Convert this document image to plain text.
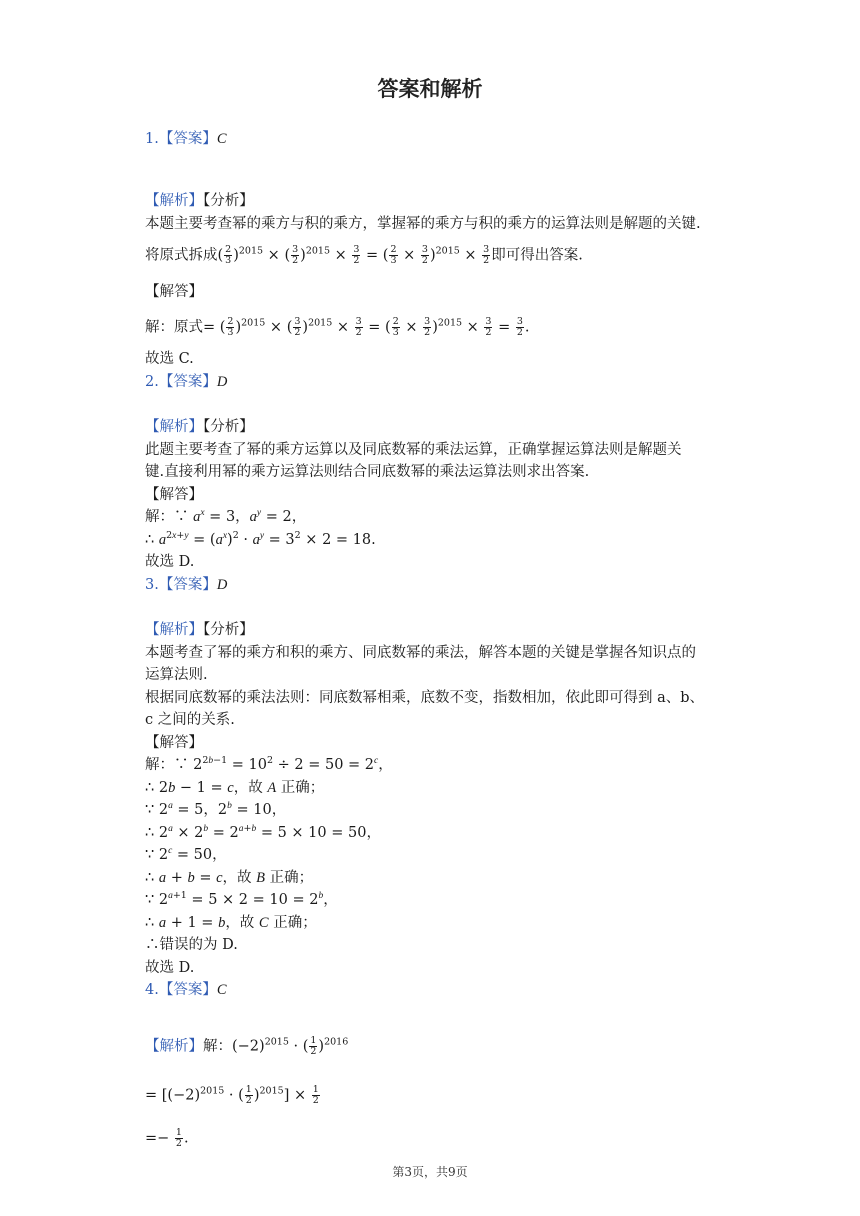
答案和解析
1.【答案】C
【解析】【分析】
本题主要考查幂的乘方与积的乘方，掌握幂的乘方与积的乘方的运算法则是解题的关键.
将原式拆成( $\frac{2}{3} )^{2015}$ × ( $\frac{3}{2} )^{2015} \times \frac{3}{2}$ = ( $\frac{2}{3} \times \frac{3}{2} )^{2015} \times \frac{3}{2}$ 即可得出答案.
【解答】
解：原式= ( $\frac{2}{3} )^{2015}$ × ( $\frac{3}{2} )^{2015} \times \frac{3}{2}$ = ( $\frac{2}{3} \times \frac{3}{2} )^{2015} \times \frac{3}{2} = \frac{3}{2}$ .
故选 C.
2.【答案】D
【解析】【分析】
此题主要考查了幂的乘方运算以及同底数幂的乘法运算，正确掌握运算法则是解题关
键.直接利用幂的乘方运算法则结合同底数幂的乘法运算法则求出答案.
【解答】
解：∵ $a^x = 3$，$a^y = 2$，
∴ $a^{2x+y} = (a^x)^2 \cdot a^y = 3^2 \times 2 = 18$.
故选 D.
3.【答案】D
【解析】【分析】
本题考查了幂的乘方和积的乘方、同底数幂的乘法，解答本题的关键是掌握各知识点的
运算法则.
根据同底数幂的乘法法则：同底数幂相乘，底数不变，指数相加，依此即可得到 a、b、
c 之间的关系.
【解答】
解：∵ $2^{2b-1} = 10^2 \div 2 = 50 = 2^c$，
∴ 2b − 1 = c，故 A 正确；
∵ $2^a = 5$，$2^b = 10$，
∴ $2^a \times 2^b = 2^{a+b} = 5 \times 10 = 50$，
∵ $2^c = 50$，
∴ a + b = c，故 B 正确；
∵ $2^{a+1} = 5 \times 2 = 10 = 2^b$，
∴ a + 1 = b，故 C 正确；
∴错误的为 D.
故选 D.
4.【答案】C
【解析】解：$(-2)^{2015}$ · ( $\frac{1}{2} )^{2016}$
= [$(-2)^{2015}$ · ( $\frac{1}{2} )^{2015}] \times \frac{1}{2}$
=− $\frac{1}{2}$ .
第3页，共9页
